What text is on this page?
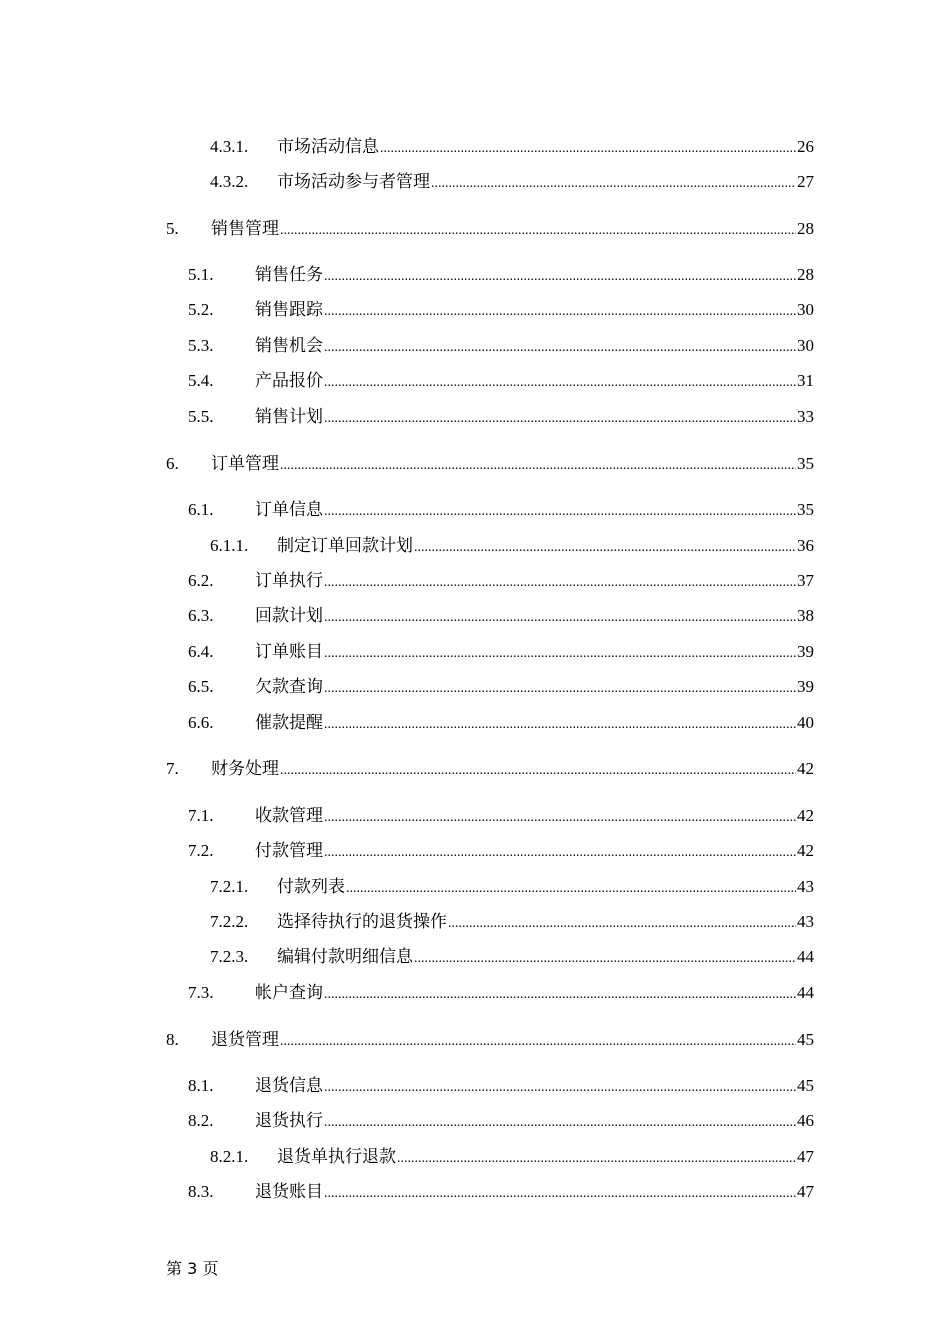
4.3.1.	市场活动信息 .....	26
4.3.2.	市场活动参与者管理 .....	27
5.	销售管理 .....	28
5.1.	销售任务 .....	28
5.2.	销售跟踪 .....	30
5.3.	销售机会 .....	30
5.4.	产品报价 .....	31
5.5.	销售计划 .....	33
6.	订单管理 .....	35
6.1.	订单信息 .....	35
6.1.1.	制定订单回款计划 .....	36
6.2.	订单执行 .....	37
6.3.	回款计划 .....	38
6.4.	订单账目 .....	39
6.5.	欠款查询 .....	39
6.6.	催款提醒 .....	40
7.	财务处理 .....	42
7.1.	收款管理 .....	42
7.2.	付款管理 .....	42
7.2.1.	付款列表 .....	43
7.2.2.	选择待执行的退货操作 .....	43
7.2.3.	编辑付款明细信息 .....	44
7.3.	帐户查询 .....	44
8.	退货管理 .....	45
8.1.	退货信息 .....	45
8.2.	退货执行 .....	46
8.2.1.	退货单执行退款 .....	47
8.3.	退货账目 .....	47
第 3 页
